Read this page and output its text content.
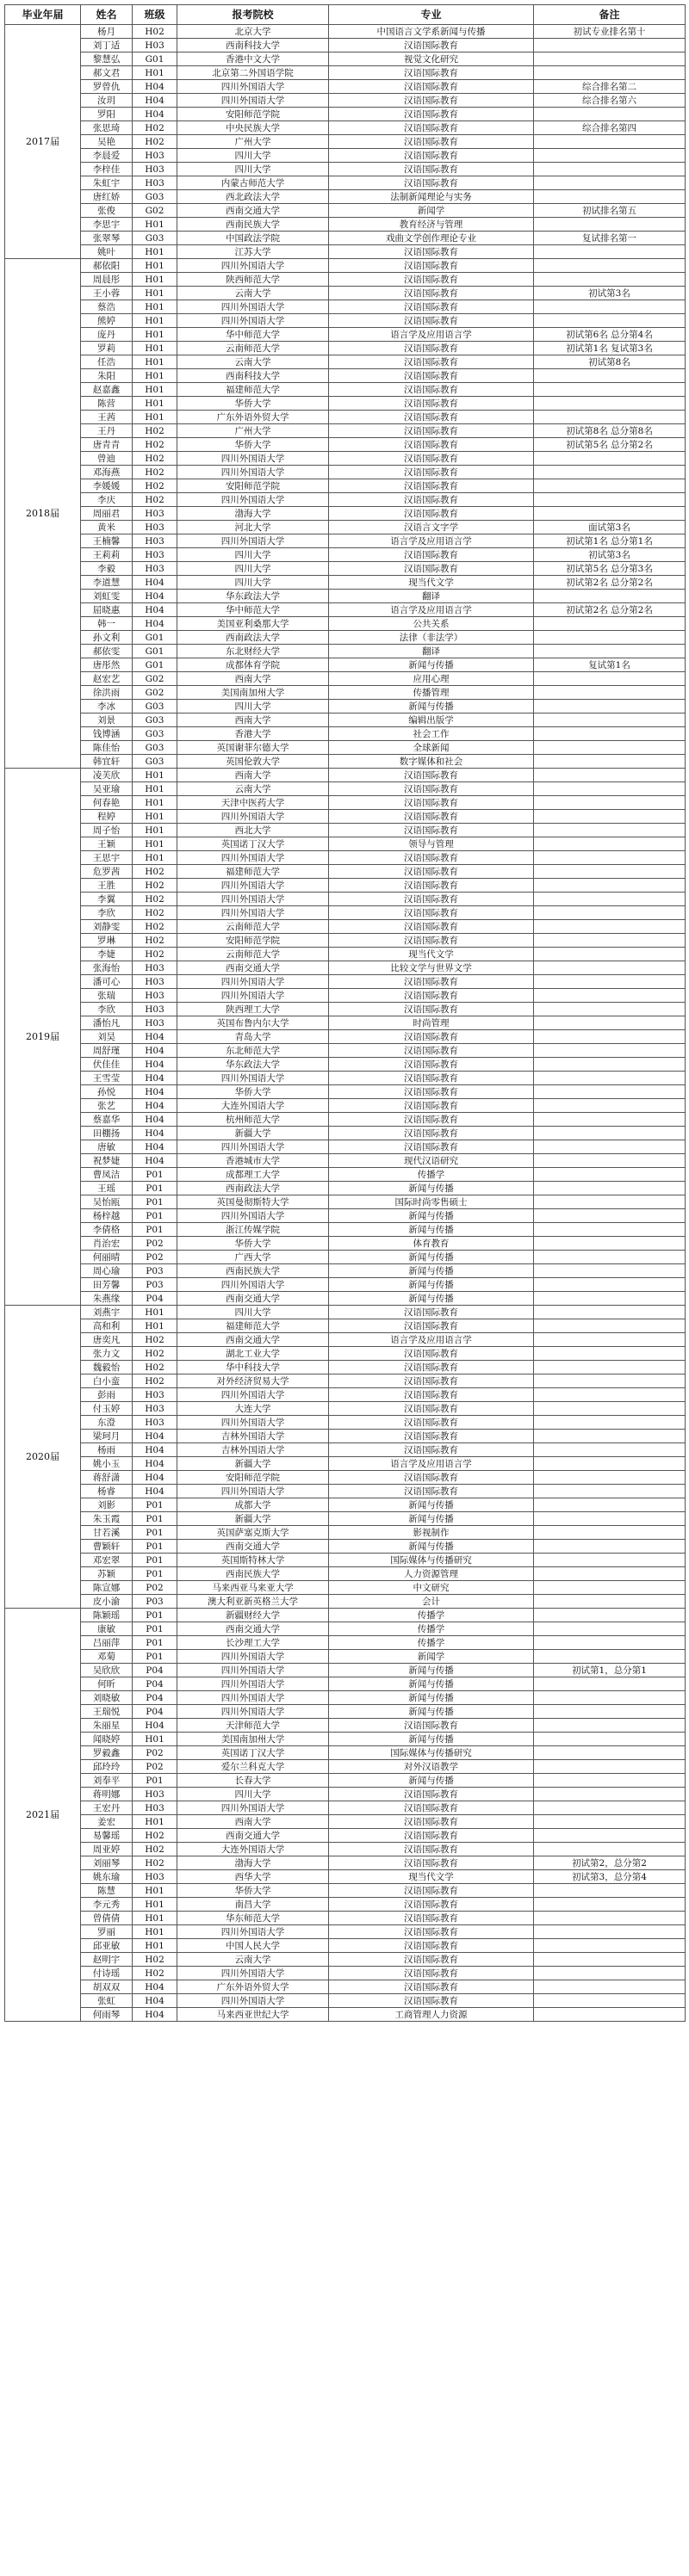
毕业年届	姓名	班级	报考院校	专业	备注
2017届	杨月	H02	北京大学	中国语言文学系新闻与传播	初试专业排名第十
	刘丁适	H03	西南科技大学	汉语国际教育	
	黎慧弘	G01	香港中文大学	视觉文化研究	
	郝文君	H01	北京第二外国语学院	汉语国际教育	
	罗曾仇	H04	四川外国语大学	汉语国际教育	综合排名第二
	汝玥	H04	四川外国语大学	汉语国际教育	综合排名第六
	罗阳	H04	安阳师范学院	汉语国际教育	
	张思琦	H02	中央民族大学	汉语国际教育	综合排名第四
	吴艳	H02	广州大学	汉语国际教育	
	李晨爱	H03	四川大学	汉语国际教育	
	李梓佳	H03	四川大学	汉语国际教育	
	朱虹宇	H03	内蒙古师范大学	汉语国际教育	
	唐红娇	G03	西北政法大学	法制新闻理论与实务	
	张俊	G02	西南交通大学	新闻学	初试排名第五
	李思宇	H01	西南民族大学	教育经济与管理	
	张翠琴	G03	中国政法学院	戏曲文学创作理论专业	复试排名第一
	姚叶	H01	江苏大学	汉语国际教育	
2018届	郝依阳	H01	四川外国语大学	汉语国际教育	
	周晨彤	H01	陕西师范大学	汉语国际教育	
	王小蓉	H01	云南大学	汉语国际教育	初试第3名
	蔡浩	H01	四川外国语大学	汉语国际教育	
	熊婷	H01	四川外国语大学	汉语国际教育	
	庞丹	H01	华中师范大学	语言学及应用语言学	初试第6名 总分第4名
	罗莉	H01	云南师范大学	汉语国际教育	初试第1名 复试第3名
	任浩	H01	云南大学	汉语国际教育	初试第8名
	朱阳	H01	西南科技大学	汉语国际教育	
	赵嘉鑫	H01	福建师范大学	汉语国际教育	
	陈营	H01	华侨大学	汉语国际教育	
	王茜	H01	广东外语外贸大学	汉语国际教育	
	王丹	H02	广州大学	汉语国际教育	初试第8名 总分第8名
	唐青青	H02	华侨大学	汉语国际教育	初试第5名 总分第2名
	曾迪	H02	四川外国语大学	汉语国际教育	
	邓海燕	H02	四川外国语大学	汉语国际教育	
	李媛媛	H02	安阳师范学院	汉语国际教育	
	李庆	H02	四川外国语大学	汉语国际教育	
	周丽君	H03	渤海大学	汉语国际教育	
	黄米	H03	河北大学	汉语言文字学	面试第3名
	王楠馨	H03	四川外国语大学	语言学及应用语言学	初试第1名 总分第1名
	王莉莉	H03	四川大学	汉语国际教育	初试第3名
	李毅	H03	四川大学	汉语国际教育	初试第5名 总分第3名
	李道慧	H04	四川大学	现当代文学	初试第2名 总分第2名
	刘虹雯	H04	华东政法大学	翻译	
	屈晓惠	H04	华中师范大学	语言学及应用语言学	初试第2名 总分第2名
	韩一	H04	美国亚利桑那大学	公共关系	
	孙文利	G01	西南政法大学	法律（非法学）	
	郝依雯	G01	东北财经大学	翻译	
	唐彤然	G01	成都体育学院	新闻与传播	复试第1名
	赵宏艺	G02	西南大学	应用心理	
	徐洪雨	G02	美国南加州大学	传播管理	
	李冰	G03	四川大学	新闻与传播	
	刘景	G03	西南大学	编辑出版学	
	钱博涵	G03	香港大学	社会工作	
	陈佳怡	G03	英国谢菲尔德大学	全球新闻	
	韩宜轩	G03	英国伦敦大学	数字媒体和社会	
2019届	凌芙欣	H01	西南大学	汉语国际教育	
	吴亚瑜	H01	云南大学	汉语国际教育	
	何春艳	H01	天津中医药大学	汉语国际教育	
	程婷	H01	四川外国语大学	汉语国际教育	
	周子怡	H01	西北大学	汉语国际教育	
	王颖	H01	英国诺丁汉大学	领导与管理	
	王思宇	H01	四川外国语大学	汉语国际教育	
	危罗茜	H02	福建师范大学	汉语国际教育	
	王胜	H02	四川外国语大学	汉语国际教育	
	李翼	H02	四川外国语大学	汉语国际教育	
	李欣	H02	四川外国语大学	汉语国际教育	
	刘静雯	H02	云南师范大学	汉语国际教育	
	罗琳	H02	安阳师范学院	汉语国际教育	
	李婕	H02	云南师范大学	现当代文学	
	张海怡	H03	西南交通大学	比较文学与世界文学	
	潘可心	H03	四川外国语大学	汉语国际教育	
	张瑞	H03	四川外国语大学	汉语国际教育	
	李欣	H03	陕西理工大学	汉语国际教育	
	潘怡凡	H03	英国布鲁内尔大学	时尚管理	
	刘昊	H04	青岛大学	汉语国际教育	
	周舒瑾	H04	东北师范大学	汉语国际教育	
	伏佳佳	H04	华东政法大学	汉语国际教育	
	王雪莹	H04	四川外国语大学	汉语国际教育	
	孙悦	H04	华侨大学	汉语国际教育	
	张艺	H04	大连外国语大学	汉语国际教育	
	蔡嘉华	H04	杭州师范大学	汉语国际教育	
	田棚扬	H04	新疆大学	汉语国际教育	
	唐敏	H04	四川外国语大学	汉语国际教育	
	祝梦婕	H04	香港城市大学	现代汉语研究	
	曹凤洁	P01	成都理工大学	传播学	
	王瑶	P01	西南政法大学	新闻与传播	
	吴怡瓯	P01	英国曼彻斯特大学	国际时尚零售硕士	
	杨梓越	P01	四川外国语大学	新闻与传播	
	李倩格	P01	浙江传媒学院	新闻与传播	
	肖治宏	P02	华侨大学	体育教育	
	何丽晴	P02	广西大学	新闻与传播	
	周心瑜	P03	西南民族大学	新闻与传播	
	田芳馨	P03	四川外国语大学	新闻与传播	
	朱燕缘	P04	西南交通大学	新闻与传播	
2020届	刘燕宇	H01	四川大学	汉语国际教育	
	高和利	H01	福建师范大学	汉语国际教育	
	唐奕凡	H02	西南交通大学	语言学及应用语言学	
	张力文	H02	湖北工业大学	汉语国际教育	
	魏毅怡	H02	华中科技大学	汉语国际教育	
	白小蛮	H02	对外经济贸易大学	汉语国际教育	
	彭雨	H03	四川外国语大学	汉语国际教育	
	付玉婷	H03	大连大学	汉语国际教育	
	东澄	H03	四川外国语大学	汉语国际教育	
	梁珂月	H04	吉林外国语大学	汉语国际教育	
	杨雨	H04	吉林外国语大学	汉语国际教育	
	姚小玉	H04	新疆大学	语言学及应用语言学	
	蒋舒潇	H04	安阳师范学院	汉语国际教育	
	杨睿	H04	四川外国语大学	汉语国际教育	
	刘影	P01	成都大学	新闻与传播	
	朱玉霞	P01	新疆大学	新闻与传播	
	甘若溪	P01	英国萨塞克斯大学	影视制作	
	曹颖轩	P01	西南交通大学	新闻与传播	
	邓宏翠	P01	英国斯特林大学	国际媒体与传播研究	
	苏颖	P01	西南民族大学	人力资源管理	
	陈宣娜	P02	马来西亚马来亚大学	中文研究	
	皮小渝	P03	澳大利亚新英格兰大学	会计	
2021届	陈颖瑶	P01	新疆财经大学	传播学	
	康敏	P01	西南交通大学	传播学	
	吕丽萍	P01	长沙理工大学	传播学	
	邓菊	P01	四川外国语大学	新闻学	
	吴欣欣	P04	四川外国语大学	新闻与传播	初试第1，总分第1
	何昕	P04	四川外国语大学	新闻与传播	
	刘晓敏	P04	四川外国语大学	新闻与传播	
	王瑞悦	P04	四川外国语大学	新闻与传播	
	朱丽星	H04	天津师范大学	汉语国际教育	
	闻晓婷	H01	美国南加州大学	新闻与传播	
	罗毅鑫	P02	英国诺丁汉大学	国际媒体与传播研究	
	邱玲玲	P02	爱尔兰科克大学	对外汉语教学	
	刘奉平	P01	长春大学	新闻与传播	
	蒋明娜	H03	四川大学	汉语国际教育	
	王宏丹	H03	四川外国语大学	汉语国际教育	
	姜宏	H01	西南大学	汉语国际教育	
	易馨瑶	H02	西南交通大学	汉语国际教育	
	周亚婷	H02	大连外国语大学	汉语国际教育	
	刘丽琴	H02	渤海大学	汉语国际教育	初试第2，总分第2
	姚东瑜	H03	西华大学	现当代文学	初试第3，总分第4
	陈慧	H01	华侨大学	汉语国际教育	
	李元秀	H01	南昌大学	汉语国际教育	
	曾倩倩	H01	华东师范大学	汉语国际教育	
	罗丽	H01	四川外国语大学	汉语国际教育	
	邱亚敏	H01	中国人民大学	汉语国际教育	
	赵明宇	H02	云南大学	汉语国际教育	
	付诗瑶	H02	四川外国语大学	汉语国际教育	
	胡双双	H04	广东外语外贸大学	汉语国际教育	
	张虹	H04	四川外国语大学	汉语国际教育	
	何雨琴	H04	马来西亚世纪大学	工商管理人力资源	
